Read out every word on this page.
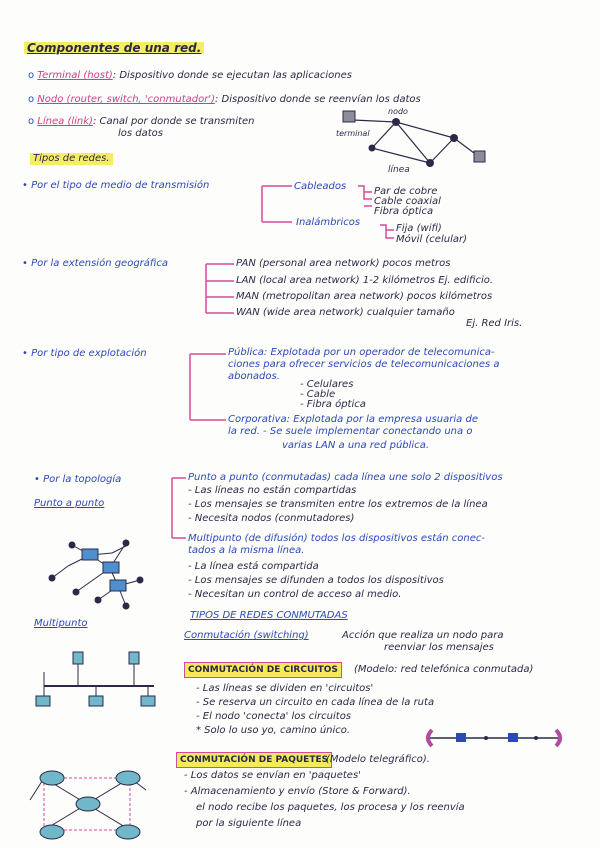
Componentes de una red.
o Terminal (host): Dispositivo donde se ejecutan las aplicaciones
o Nodo (router, switch, 'conmutador'): Dispositivo donde se reenvían los datos
o Línea (link): Canal por donde se transmiten
los datos
nodo
terminal
línea
Tipos de redes.
• Por el tipo de medio de transmisión	Cableados	Par de cobre
Cable coaxial
Fibra óptica
Inalámbricos
Fija (wifi)
Móvil (celular)
• Por la extensión geográfica	PAN (personal area network) pocos metros
LAN (local area network) 1-2 kilómetros Ej. edificio.
MAN (metropolitan area network) pocos kilómetros
WAN (wide area network) cualquier tamaño
Ej. Red Iris.
• Por tipo de explotación	Pública: Explotada por un operador de telecomunica-
ciones para ofrecer servicios de telecomunicaciones a
abonados.
- Celulares
- Cable
- Fibra óptica
Corporativa: Explotada por la empresa usuaria de
la red. - Se suele implementar conectando una o
varias LAN a una red pública.
• Por la topología
Punto a punto
Punto a punto (conmutadas) cada línea une solo 2 dispositivos
- Las líneas no están compartidas
- Los mensajes se transmiten entre los extremos de la línea
- Necesita nodos (conmutadores)
Multipunto (de difusión) todos los dispositivos están conec-
tados a la misma línea.
- La línea está compartida
- Los mensajes se difunden a todos los dispositivos
- Necesitan un control de acceso al medio.
Multipunto
TIPOS DE REDES CONMUTADAS
Conmutación (switching)	Acción que realiza un nodo para
reenviar los mensajes
CONMUTACIÓN DE CIRCUITOS	(Modelo: red telefónica conmutada)
- Las líneas se dividen en 'circuitos'
- Se reserva un circuito en cada línea de la ruta
- El nodo 'conecta' los circuitos
* Solo lo uso yo, camino único.
CONMUTACIÓN DE PAQUETES
(Modelo telegráfico).
- Los datos se envían en 'paquetes'
- Almacenamiento y envío (Store & Forward).
el nodo recibe los paquetes, los procesa y los reenvía
por la siguiente línea
